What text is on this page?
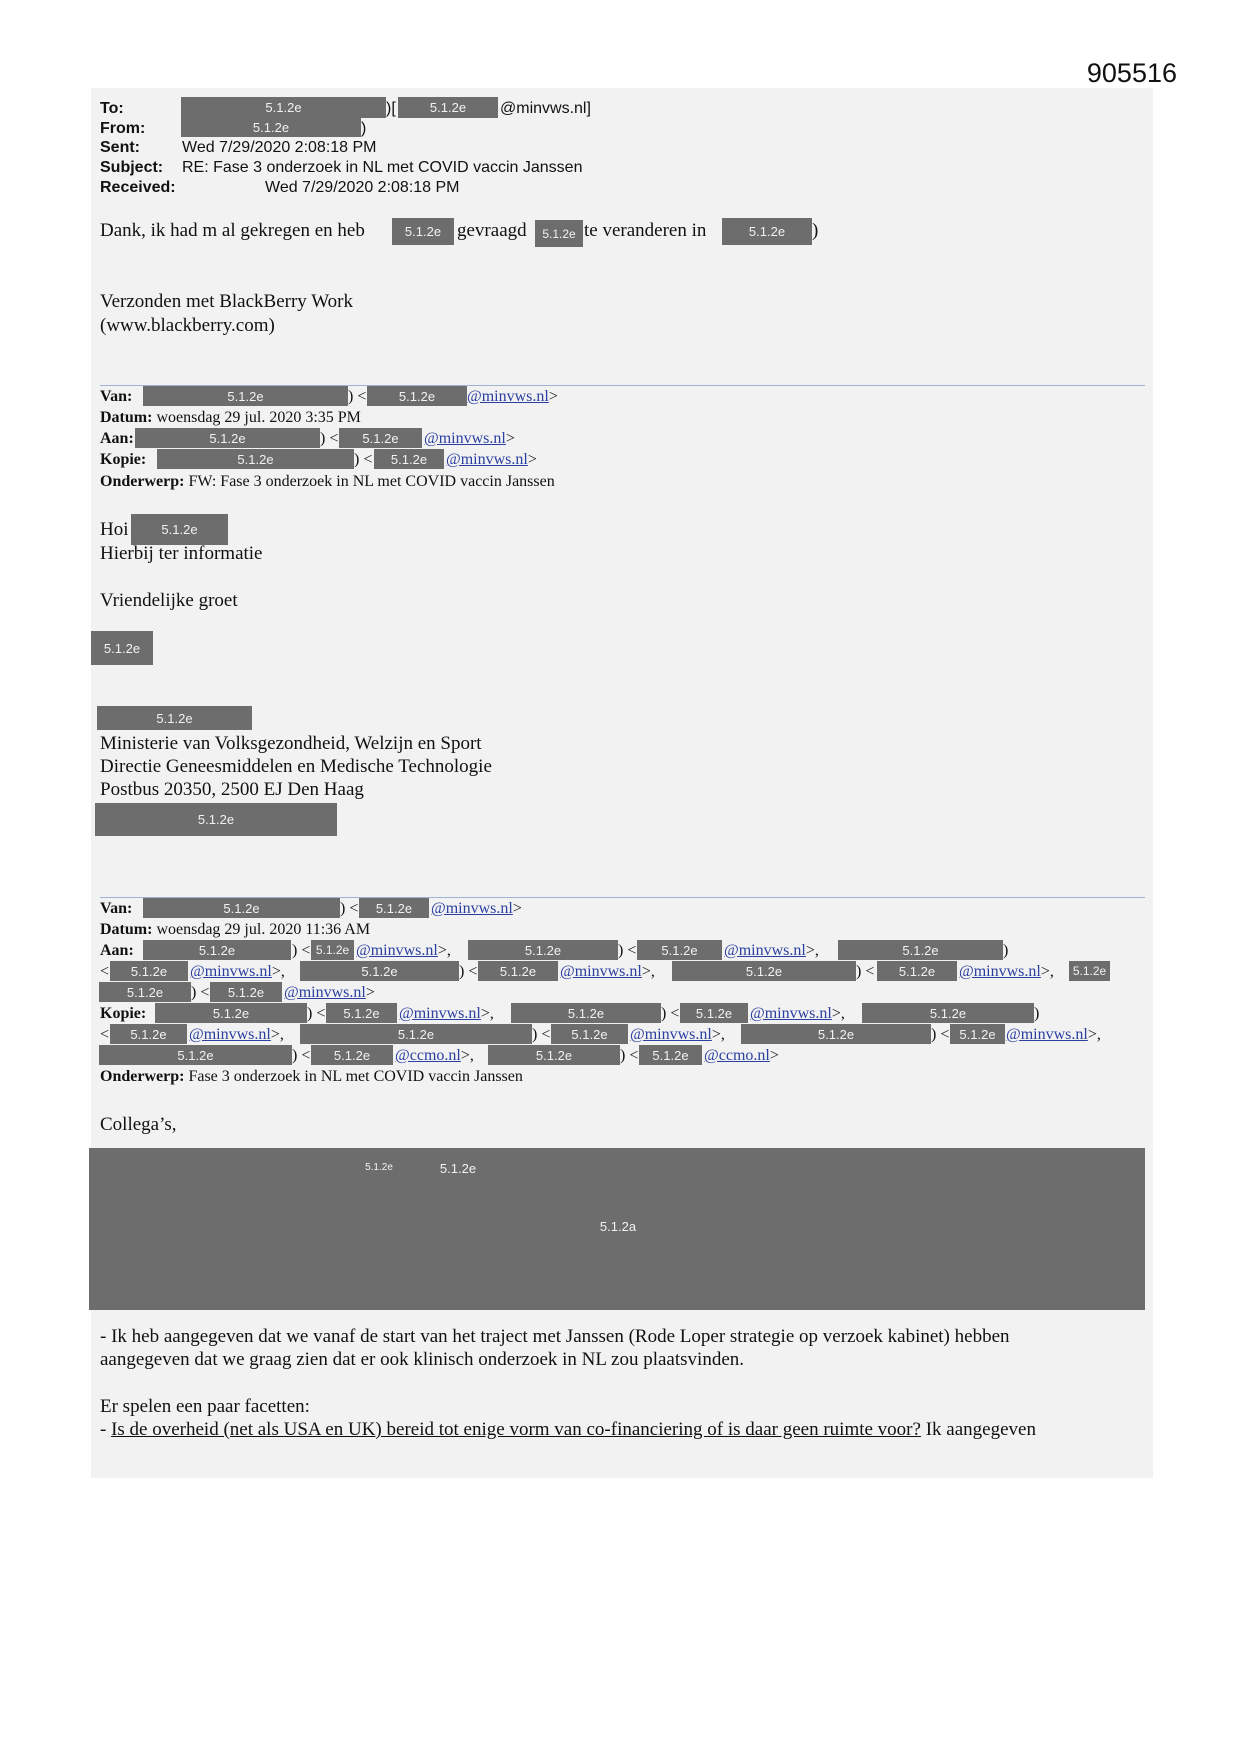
905516
To:	5.1.2e	)[	5.1.2e	@minvws.nl]
From:	5.1.2e	)
Sent:	Wed 7/29/2020 2:08:18 PM
Subject: RE: Fase 3 onderzoek in NL met COVID vaccin Janssen
Received:	Wed 7/29/2020 2:08:18 PM
Dank, ik had m al gekregen en heb	5.1.2e gevraagd	5.1.2e te veranderen in	5.1.2e	)
Verzonden met BlackBerry Work
(www.blackberry.com)
Van:	5.1.2e	) <	5.1.2e	@minvws.nl>
Datum: woensdag 29 jul. 2020 3:35 PM
Aan:	5.1.2e	) <	5.1.2e	@minvws.nl>
Kopie:	5.1.2e	) <	5.1.2e	@minvws.nl>
Onderwerp: FW: Fase 3 onderzoek in NL met COVID vaccin Janssen
Hoi	5.1.2e
Hierbij ter informatie
Vriendelijke groet
5.1.2e
5.1.2e
Ministerie van Volksgezondheid, Welzijn en Sport
Directie Geneesmiddelen en Medische Technologie
Postbus 20350, 2500 EJ Den Haag
5.1.2e
Van:	5.1.2e	) <	5.1.2e	@minvws.nl>
Datum: woensdag 29 jul. 2020 11:36 AM
Aan:	5.1.2e	) < 5.1.2e @minvws.nl>,	5.1.2e	) <	5.1.2e	@minvws.nl>,	5.1.2e	)
<	5.1.2e	@minvws.nl>,	5.1.2e	) <	5.1.2e	@minvws.nl>,	5.1.2e	) <	5.1.2e	@minvws.nl>,	5.1.2e
5.1.2e	) <	5.1.2e	@minvws.nl>
Kopie:	5.1.2e	) <	5.1.2e	@minvws.nl>,	5.1.2e	) <	5.1.2e	@minvws.nl>,	5.1.2e	)
<	5.1.2e	@minvws.nl>,	5.1.2e	) <	5.1.2e	@minvws.nl>,	5.1.2e	) < 5.1.2e @minvws.nl>,
5.1.2e	) <	5.1.2e	@ccmo.nl>,	5.1.2e	) <	5.1.2e @ccmo.nl>
Onderwerp: Fase 3 onderzoek in NL met COVID vaccin Janssen
Collega’s,
5.1.2e	5.1.2e
5.1.2a
- Ik heb aangegeven dat we vanaf de start van het traject met Janssen (Rode Loper strategie op verzoek kabinet) hebben
aangegeven dat we graag zien dat er ook klinisch onderzoek in NL zou plaatsvinden.
Er spelen een paar facetten:
- Is de overheid (net als USA en UK) bereid tot enige vorm van co-financiering of is daar geen ruimte voor? Ik aangegeven
